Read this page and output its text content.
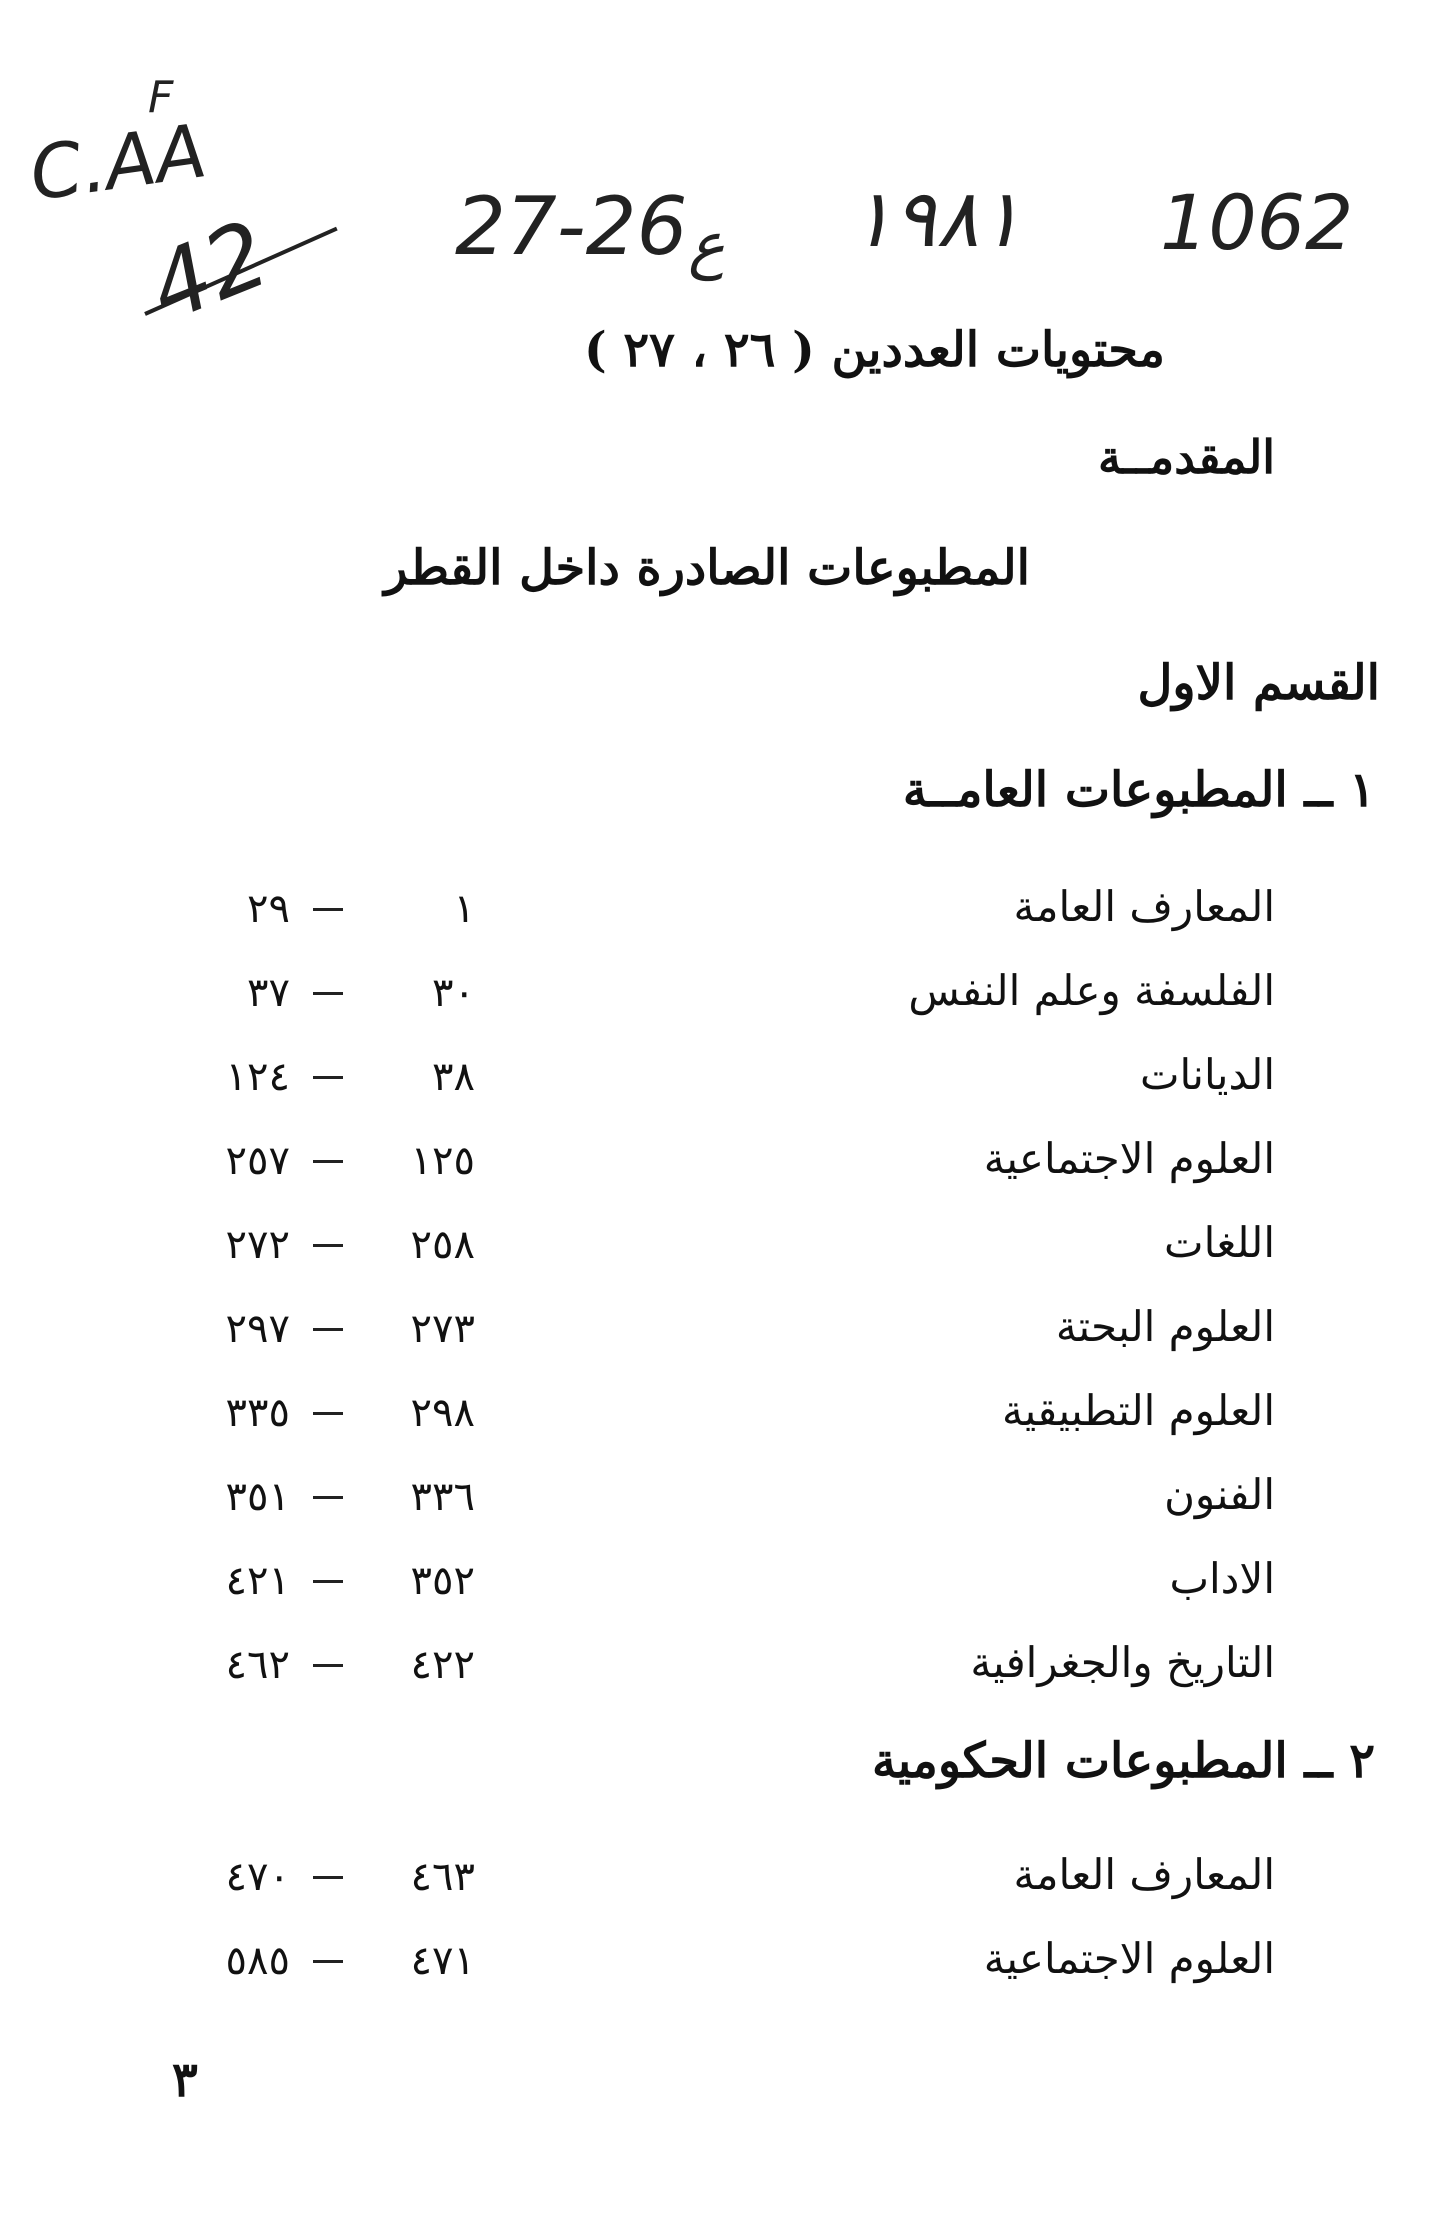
F
C.AA
42 27-26 ع ١٩٨١ 1062
محتويات العددين ( ٢٦ ، ٢٧ )
المقدمــة
المطبوعات الصادرة داخل القطر
القسم الاول
١ ــ المطبوعات العامــة
المعارف العامة
١
٢٩
الفلسفة وعلم النفس
٣٠
٣٧
الديانات
٣٨
١٢٤
العلوم الاجتماعية
١٢٥
٢٥٧
اللغات
٢٥٨
٢٧٢
العلوم البحتة
٢٧٣
٢٩٧
العلوم التطبيقية
٢٩٨
٣٣٥
الفنون
٣٣٦
٣٥١
الاداب
٣٥٢
٤٢١
التاريخ والجغرافية
٤٢٢
٤٦٢
٢ ــ المطبوعات الحكومية
المعارف العامة
٤٦٣
٤٧٠
العلوم الاجتماعية
٤٧١
٥٨٥
٣
